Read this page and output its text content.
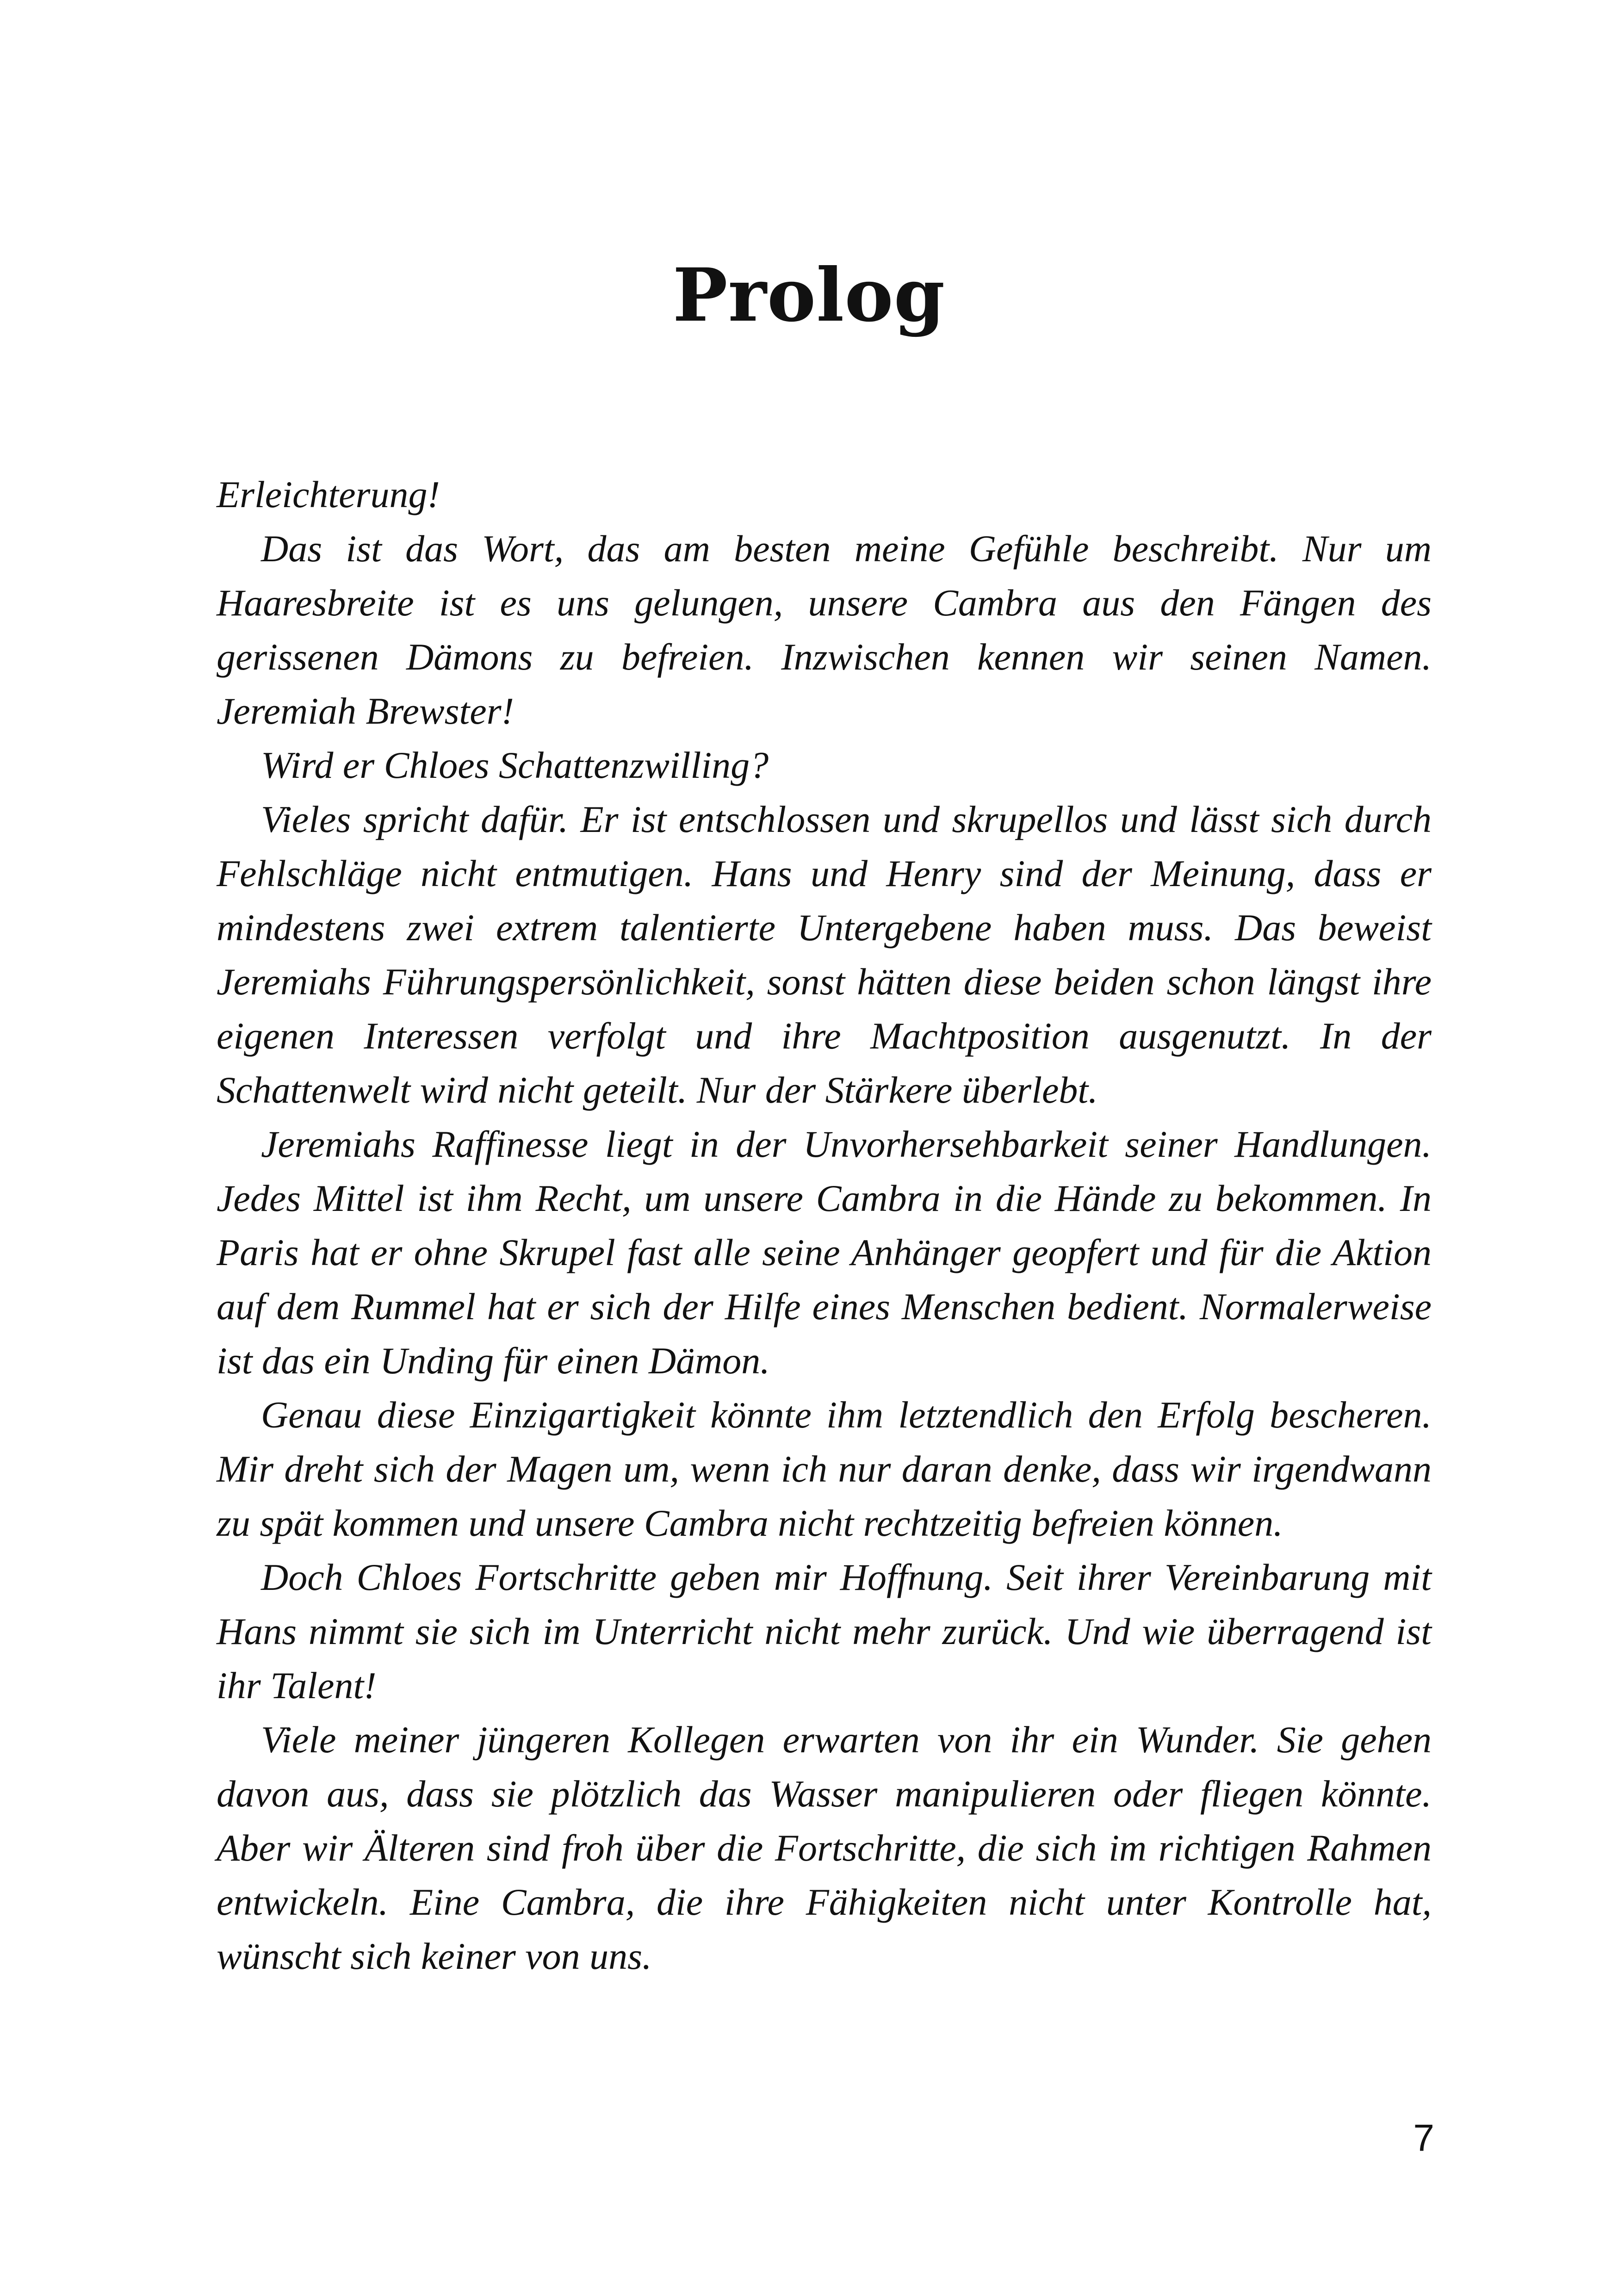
Prolog

Erleichterung!

Das ist das Wort, das am besten meine Gefühle beschreibt. Nur um Haaresbreite ist es uns gelungen, unsere Cambra aus den Fängen des gerissenen Dämons zu befreien. Inzwischen kennen wir seinen Namen. Jeremiah Brewster!

Wird er Chloes Schattenzwilling?

Vieles spricht dafür. Er ist entschlossen und skrupellos und lässt sich durch Fehlschläge nicht entmutigen. Hans und Henry sind der Meinung, dass er mindestens zwei extrem talentierte Untergebene haben muss. Das beweist Jeremiahs Führungspersönlichkeit, sonst hätten diese beiden schon längst ihre eigenen Interessen verfolgt und ihre Machtposition ausgenutzt. In der Schattenwelt wird nicht geteilt. Nur der Stärkere überlebt.

Jeremiahs Raffinesse liegt in der Unvorhersehbarkeit seiner Handlungen. Jedes Mittel ist ihm Recht, um unsere Cambra in die Hände zu bekommen. In Paris hat er ohne Skrupel fast alle seine Anhänger geopfert und für die Aktion auf dem Rummel hat er sich der Hilfe eines Menschen bedient. Normalerweise ist das ein Unding für einen Dämon.

Genau diese Einzigartigkeit könnte ihm letztendlich den Erfolg bescheren. Mir dreht sich der Magen um, wenn ich nur daran denke, dass wir irgendwann zu spät kommen und unsere Cambra nicht rechtzeitig befreien können.

Doch Chloes Fortschritte geben mir Hoffnung. Seit ihrer Vereinbarung mit Hans nimmt sie sich im Unterricht nicht mehr zurück. Und wie überragend ist ihr Talent!

Viele meiner jüngeren Kollegen erwarten von ihr ein Wunder. Sie gehen davon aus, dass sie plötzlich das Wasser manipulieren oder fliegen könnte. Aber wir Älteren sind froh über die Fortschritte, die sich im richtigen Rahmen entwickeln. Eine Cambra, die ihre Fähigkeiten nicht unter Kontrolle hat, wünscht sich keiner von uns.

7
